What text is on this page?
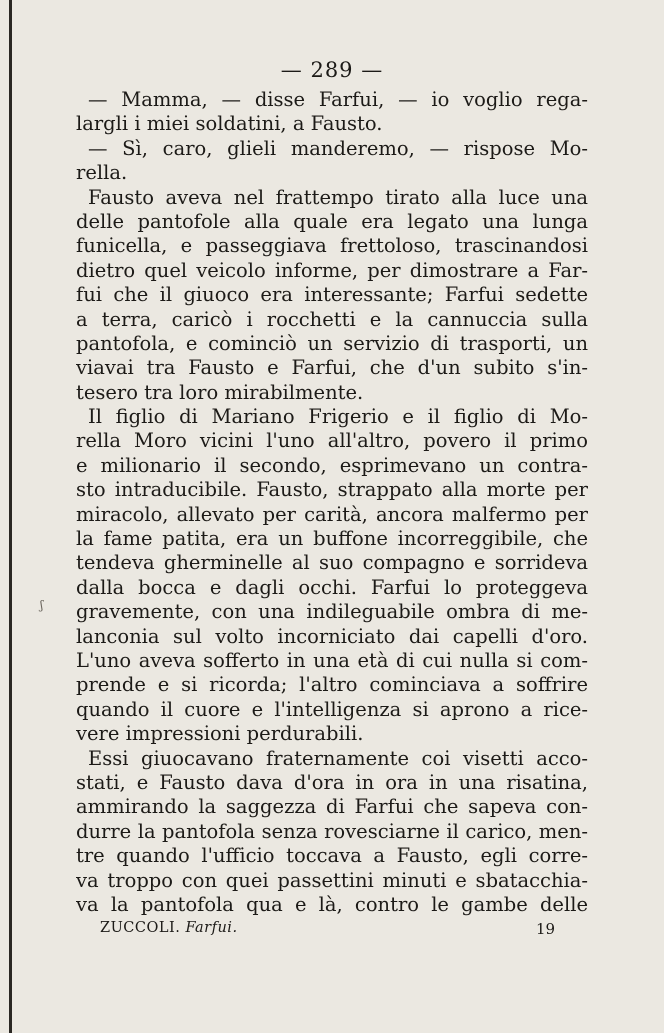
— 289 —
ʃ
— Mamma, — disse Farfui, — io voglio rega-
largli i miei soldatini, a Fausto.
— Sì, caro, glieli manderemo, — rispose Mo-
rella.
Fausto aveva nel frattempo tirato alla luce una
delle pantofole alla quale era legato una lunga
funicella, e passeggiava frettoloso, trascinandosi
dietro quel veicolo informe, per dimostrare a Far-
fui che il giuoco era interessante; Farfui sedette
a terra, caricò i rocchetti e la cannuccia sulla
pantofola, e cominciò un servizio di trasporti, un
viavai tra Fausto e Farfui, che d'un subito s'in-
tesero tra loro mirabilmente.
Il figlio di Mariano Frigerio e il figlio di Mo-
rella Moro vicini l'uno all'altro, povero il primo
e milionario il secondo, esprimevano un contra-
sto intraducibile. Fausto, strappato alla morte per
miracolo, allevato per carità, ancora malfermo per
la fame patita, era un buffone incorreggibile, che
tendeva gherminelle al suo compagno e sorrideva
dalla bocca e dagli occhi. Farfui lo proteggeva
gravemente, con una indileguabile ombra di me-
lanconia sul volto incorniciato dai capelli d'oro.
L'uno aveva sofferto in una età di cui nulla si com-
prende e si ricorda; l'altro cominciava a soffrire
quando il cuore e l'intelligenza si aprono a rice-
vere impressioni perdurabili.
Essi giuocavano fraternamente coi visetti acco-
stati, e Fausto dava d'ora in ora in una risatina,
ammirando la saggezza di Farfui che sapeva con-
durre la pantofola senza rovesciarne il carico, men-
tre quando l'ufficio toccava a Fausto, egli corre-
va troppo con quei passettini minuti e sbatacchia-
va la pantofola qua e là, contro le gambe delle
ZUCCOLI. Farfui.	19
